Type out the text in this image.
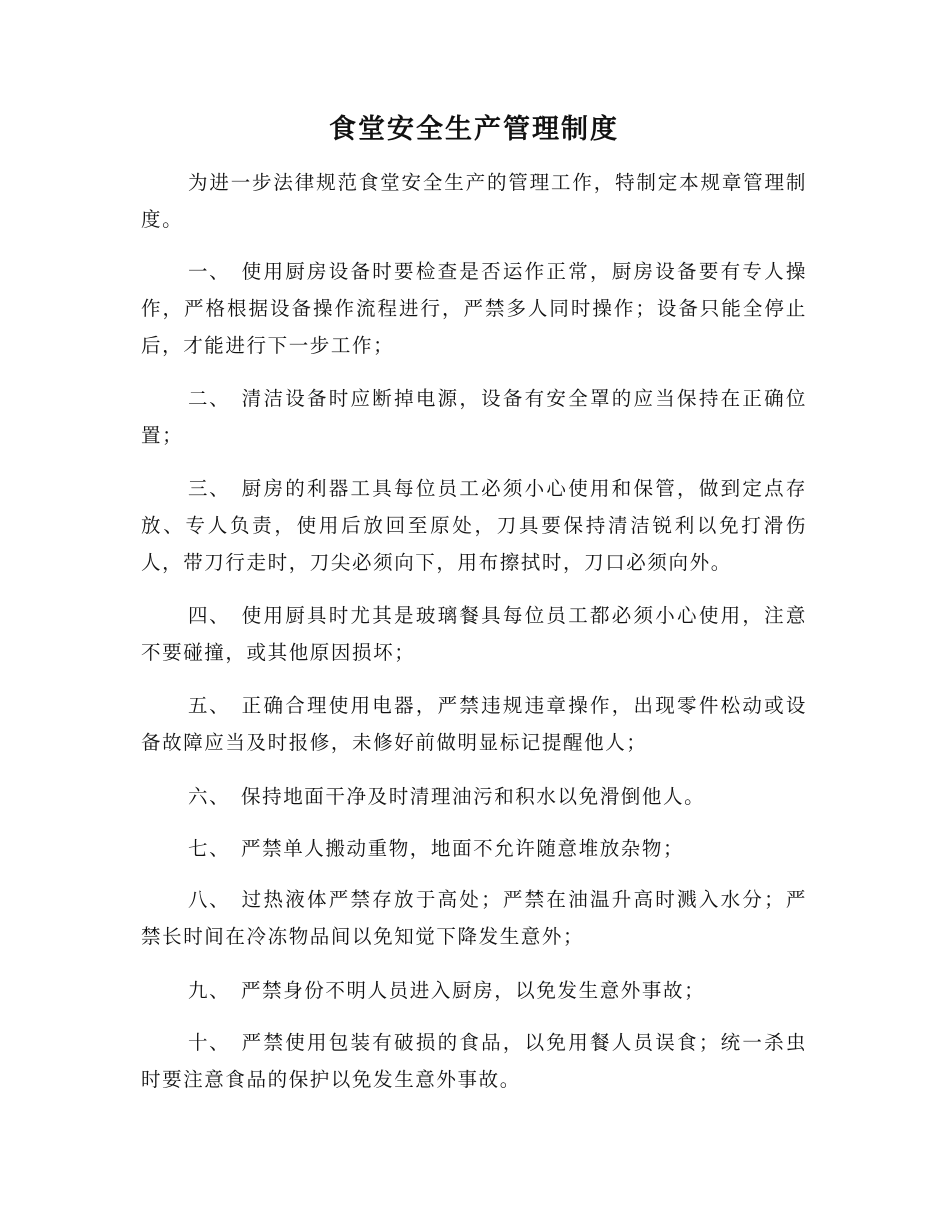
食堂安全生产管理制度

为进一步法律规范食堂安全生产的管理工作，特制定本规章管理制度。

一、 使用厨房设备时要检查是否运作正常，厨房设备要有专人操作，严格根据设备操作流程进行，严禁多人同时操作；设备只能全停止后，才能进行下一步工作；

二、 清洁设备时应断掉电源，设备有安全罩的应当保持在正确位置；

三、 厨房的利器工具每位员工必须小心使用和保管，做到定点存放、专人负责，使用后放回至原处，刀具要保持清洁锐利以免打滑伤人，带刀行走时，刀尖必须向下，用布擦拭时，刀口必须向外。

四、 使用厨具时尤其是玻璃餐具每位员工都必须小心使用，注意不要碰撞，或其他原因损坏；

五、 正确合理使用电器，严禁违规违章操作，出现零件松动或设备故障应当及时报修，未修好前做明显标记提醒他人；

六、 保持地面干净及时清理油污和积水以免滑倒他人。

七、 严禁单人搬动重物，地面不允许随意堆放杂物；

八、 过热液体严禁存放于高处；严禁在油温升高时溅入水分；严禁长时间在冷冻物品间以免知觉下降发生意外；

九、 严禁身份不明人员进入厨房，以免发生意外事故；

十、 严禁使用包装有破损的食品，以免用餐人员误食；统一杀虫时要注意食品的保护以免发生意外事故。
